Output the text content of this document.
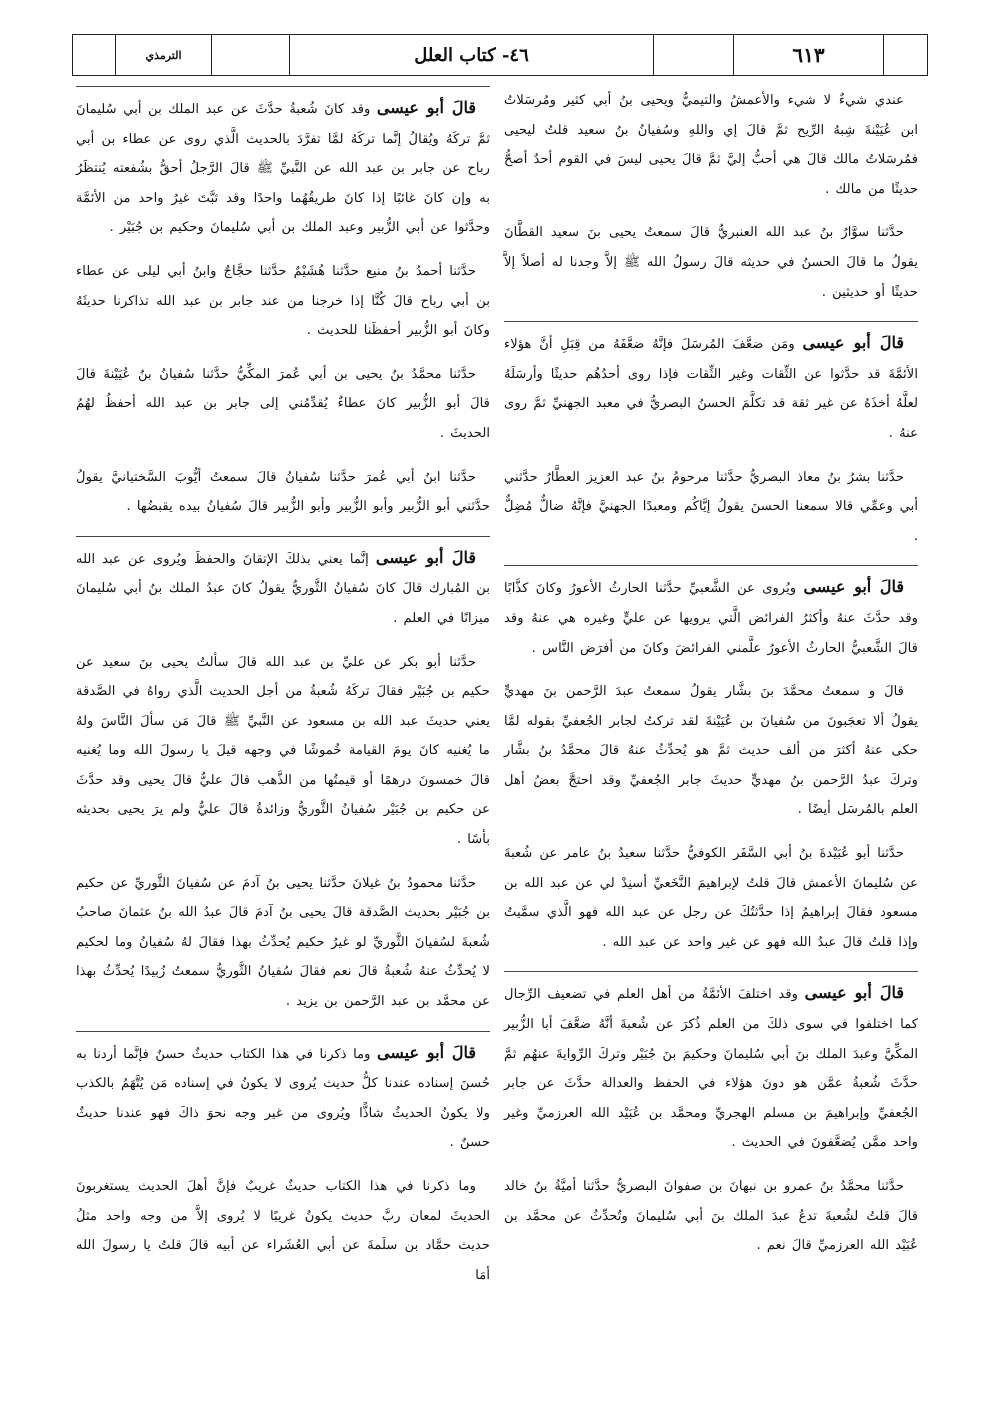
الترمذي	٤٦- كتاب العلل	٦١٣

عندي شيءٌ لا شيء والأعمشُ والتيميُّ ويحيى بنُ أبي كثير ومُرسَلاتُ ابن عُيَيْنةَ شِبهُ الرِّيح ثمَّ قالَ إي واللهِ وسُفيانُ بنُ سعيد قلتُ ليحيى فمُرسَلاتُ مالك قالَ هي أحبُّ إليَّ ثمَّ قالَ يحيى ليسَ في القوم أحدٌ أصحُّ حديثًا من مالك .

حدَّثنا سوَّارُ بنُ عبد الله العنبريُّ قالَ سمعتُ يحيى بنَ سعيد القطَّانَ يقولُ ما قالَ الحسنُ في حديثه قالَ رسولُ الله ﷺ إلاَّ وجدنا له أصلاً إلاَّ حديثًا أو حديثين .

قالَ أبو عيسى ومَن ضعَّفَ المُرسَلَ فإنَّهُ ضعَّفَهُ من قِبَلِ أنَّ هؤلاء الأئمَّةَ قد حدَّثوا عن الثِّقات وغير الثِّقات فإذا روى أحدُهُم حديثًا وأرسَلَهُ لعلَّهُ أخذَهُ عن غير ثقة قد تكلَّمَ الحسنُ البصريُّ في معبد الجهنيِّ ثمَّ روى عنهُ .

حدَّثنا بشرُ بنُ معاذ البصريُّ حدَّثنا مرحومُ بنُ عبد العزيز العطَّارُ حدَّثني أبي وعمِّي قالا سمعنا الحسنَ يقولُ إيَّاكُم ومعبدًا الجهنيَّ فإنَّهُ ضالٌّ مُضِلٌّ .

قالَ أبو عيسى ويُروى عن الشَّعبيِّ حدَّثنا الحارثُ الأعورُ وكانَ كذَّابًا وقد حدَّثَ عنهُ وأكثرُ الفرائض الَّتي يرويها عن عليٍّ وغيره هي عنهُ وقد قالَ الشَّعبيُّ الحارثُ الأعورُ علَّمني الفرائضَ وكانَ من أفرَض النَّاس .

قالَ و سمعتُ محمَّدَ بنَ بشَّار يقولُ سمعتُ عبدَ الرَّحمن بنَ مهديٍّ يقولُ ألا تعجَبونَ من سُفيانَ بن عُيَيْنةَ لقد تركتُ لجابر الجُعفيِّ بقوله لمَّا حكى عنهُ أكثرَ من ألف حديث ثمَّ هو يُحدِّثُ عنهُ قالَ محمَّدُ بنُ بشَّار وتركَ عبدُ الرَّحمن بنُ مهديٍّ حديثَ جابر الجُعفيِّ وقد احتجَّ بعضُ أهل العلم بالمُرسَل أيضًا .

حدَّثنا أبو عُبَيْدةَ بنُ أبي السَّفَر الكوفيُّ حدَّثنا سعيدُ بنُ عامر عن شُعبةَ عن سُليمانَ الأعمش قالَ قلتُ لإبراهيمَ النَّخَعيِّ أسنِدْ لي عن عبد الله بن مسعود فقالَ إبراهيمُ إذا حدَّثتُكَ عن رجل عن عبد الله فهو الَّذي سمَّيتُ وإذا قلتُ قالَ عبدُ الله فهو عن غير واحد عن عبد الله .

قالَ أبو عيسى وقد اختلفَ الأئمَّةُ من أهل العلم في تضعيف الرِّجال كما اختلفوا في سوى ذلكَ من العلم ذُكرَ عن شُعبةَ أنَّهُ ضعَّفَ أبا الزُّبير المكِّيَّ وعبدَ الملك بنَ أبي سُليمانَ وحكيمَ بنَ جُبَيْر وتركَ الرِّوايةَ عنهُم ثمَّ حدَّثَ شُعبةُ عمَّن هو دونَ هؤلاء في الحفظ والعدالة حدَّثَ عن جابر الجُعفيِّ وإبراهيمَ بن مسلم الهجريِّ ومحمَّد بن عُبَيْد الله العرزميِّ وغير واحد ممَّن يُضعَّفونَ في الحديث .

حدَّثنا محمَّدُ بنُ عمرو بن نبهانَ بن صفوانَ البصريُّ حدَّثنا أميَّةُ بنُ خالد قالَ قلتُ لشُعبةَ تدعُ عبدَ الملك بنَ أبي سُليمانَ وتُحدِّثُ عن محمَّد بن عُبَيْد الله العرزميِّ قالَ نعم .

قالَ أبو عيسى وقد كانَ شُعبةُ حدَّثَ عن عبد الملك بن أبي سُليمانَ ثمَّ تركَهُ ويُقالُ إنَّما تركَهُ لمَّا تفرَّدَ بالحديث الَّذي روى عن عطاء بن أبي رباح عن جابر بن عبد الله عن النَّبيِّ ﷺ قالَ الرَّجلُ أحقُّ بشُفعته يُنتظَرُ به وإن كانَ غائبًا إذا كانَ طريقُهُما واحدًا وقد ثبَّتَ غيرُ واحد من الأئمَّة وحدَّثوا عن أبي الزُّبير وعبد الملك بن أبي سُليمانَ وحكيم بن جُبَيْر .

حدَّثنا أحمدُ بنُ منيع حدَّثنا هُشَيْمٌ حدَّثنا حجَّاجٌ وابنُ أبي ليلى عن عطاء بن أبي رباح قالَ كُنَّا إذا خرجنا من عند جابر بن عبد الله تذاكرنا حديثَهُ وكانَ أبو الزُّبير أحفظَنا للحديث .

حدَّثنا محمَّدُ بنُ يحيى بن أبي عُمرَ المكِّيُّ حدَّثنا سُفيانُ بنُ عُيَيْنةَ قالَ قالَ أبو الزُّبير كانَ عطاءٌ يُقدِّمُني إلى جابر بن عبد الله أحفظُ لهُمُ الحديثَ .

حدَّثنا ابنُ أبي عُمرَ حدَّثنا سُفيانُ قالَ سمعتُ أيُّوبَ السَّختيانيَّ يقولُ حدَّثني أبو الزُّبير وأبو الزُّبير وأبو الزُّبير قالَ سُفيانُ بيده يقبضُها .

قالَ أبو عيسى إنَّما يعني بذلكَ الإتقانَ والحفظَ ويُروى عن عبد الله بن المُبارك قالَ كانَ سُفيانُ الثَّوريُّ يقولُ كانَ عبدُ الملك بنُ أبي سُليمانَ ميزانًا في العلم .

حدَّثنا أبو بكر عن عليِّ بن عبد الله قالَ سألتُ يحيى بنَ سعيد عن حكيم بن جُبَيْر فقالَ تركَهُ شُعبةُ من أجل الحديث الَّذي رواهُ في الصَّدقة يعني حديثَ عبد الله بن مسعود عن النَّبيِّ ﷺ قالَ مَن سألَ النَّاسَ ولهُ ما يُغنيه كانَ يومَ القيامة خُموشًا في وجهه قيلَ يا رسولَ الله وما يُغنيه قالَ خمسونَ درهمًا أو قيمتُها من الذَّهب قالَ عليٌّ قالَ يحيى وقد حدَّثَ عن حكيم بن جُبَيْر سُفيانُ الثَّوريُّ وزائدةُ قالَ عليٌّ ولم يرَ يحيى بحديثه بأسًا .

حدَّثنا محمودُ بنُ غيلانَ حدَّثنا يحيى بنُ آدمَ عن سُفيانَ الثَّوريِّ عن حكيم بن جُبَيْر بحديث الصَّدقة قالَ يحيى بنُ آدمَ قالَ عبدُ الله بنُ عثمانَ صاحبُ شُعبةَ لسُفيانَ الثَّوريِّ لو غيرُ حكيم يُحدِّثُ بهذا فقالَ لهُ سُفيانُ وما لحكيم لا يُحدِّثُ عنهُ شُعبةُ قالَ نعم فقالَ سُفيانُ الثَّوريُّ سمعتُ زُبيدًا يُحدِّثُ بهذا عن محمَّد بن عبد الرَّحمن بن يزيد .

قالَ أبو عيسى وما ذكرنا في هذا الكتاب حديثٌ حسنٌ فإنَّما أردنا به حُسنَ إسناده عندنا كلُّ حديث يُروى لا يكونُ في إسناده مَن يُتَّهَمُ بالكذب ولا يكونُ الحديثُ شاذًّا ويُروى من غير وجه نحوَ ذاكَ فهو عندنا حديثٌ حسنٌ .

وما ذكرنا في هذا الكتاب حديثٌ غريبٌ فإنَّ أهلَ الحديث يستغربونَ الحديثَ لمعان ربَّ حديث يكونُ غريبًا لا يُروى إلاَّ من وجه واحد مثلُ حديث حمَّاد بن سلَمةَ عن أبي العُشَراء عن أبيه قالَ قلتُ يا رسولَ الله أمَا
